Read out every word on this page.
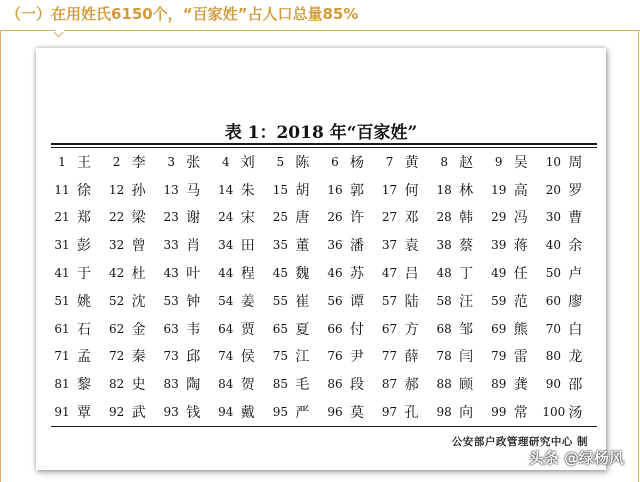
（一）在用姓氏6150个，“百家姓”占人口总量85%
表 1：2018 年“百家姓”
1 王	2 李	3 张	4 刘	5 陈	6 杨	7 黄	8 赵	9 吴 10 周
11 徐 12 孙 13 马 14 朱 15 胡 16 郭 17 何 18 林 19 高 20 罗
21 郑 22 梁 23 谢 24 宋 25 唐 26 许 27 邓 28 韩 29 冯 30 曹
31 彭 32 曾 33 肖 34 田 35 董 36 潘 37 袁 38 蔡 39 蒋 40 余
41 于 42 杜 43 叶 44 程 45 魏 46 苏 47 吕 48 丁 49 任 50 卢
51 姚 52 沈 53 钟 54 姜 55 崔 56 谭 57 陆 58 汪 59 范 60 廖
61 石 62 金 63 韦 64 贾 65 夏 66 付 67 方 68 邹 69 熊 70 白
71 孟 72 秦 73 邱 74 侯 75 江 76 尹 77 薛 78 闫 79 雷 80 龙
81 黎 82 史 83 陶 84 贺 85 毛 86 段 87 郝 88 顾 89 龚 90 邵
91 覃 92 武 93 钱 94 戴 95 严 96 莫 97 孔 98 向 99 常 100 汤
公安部户政管理研究中心 制
头条 @绿杨风
